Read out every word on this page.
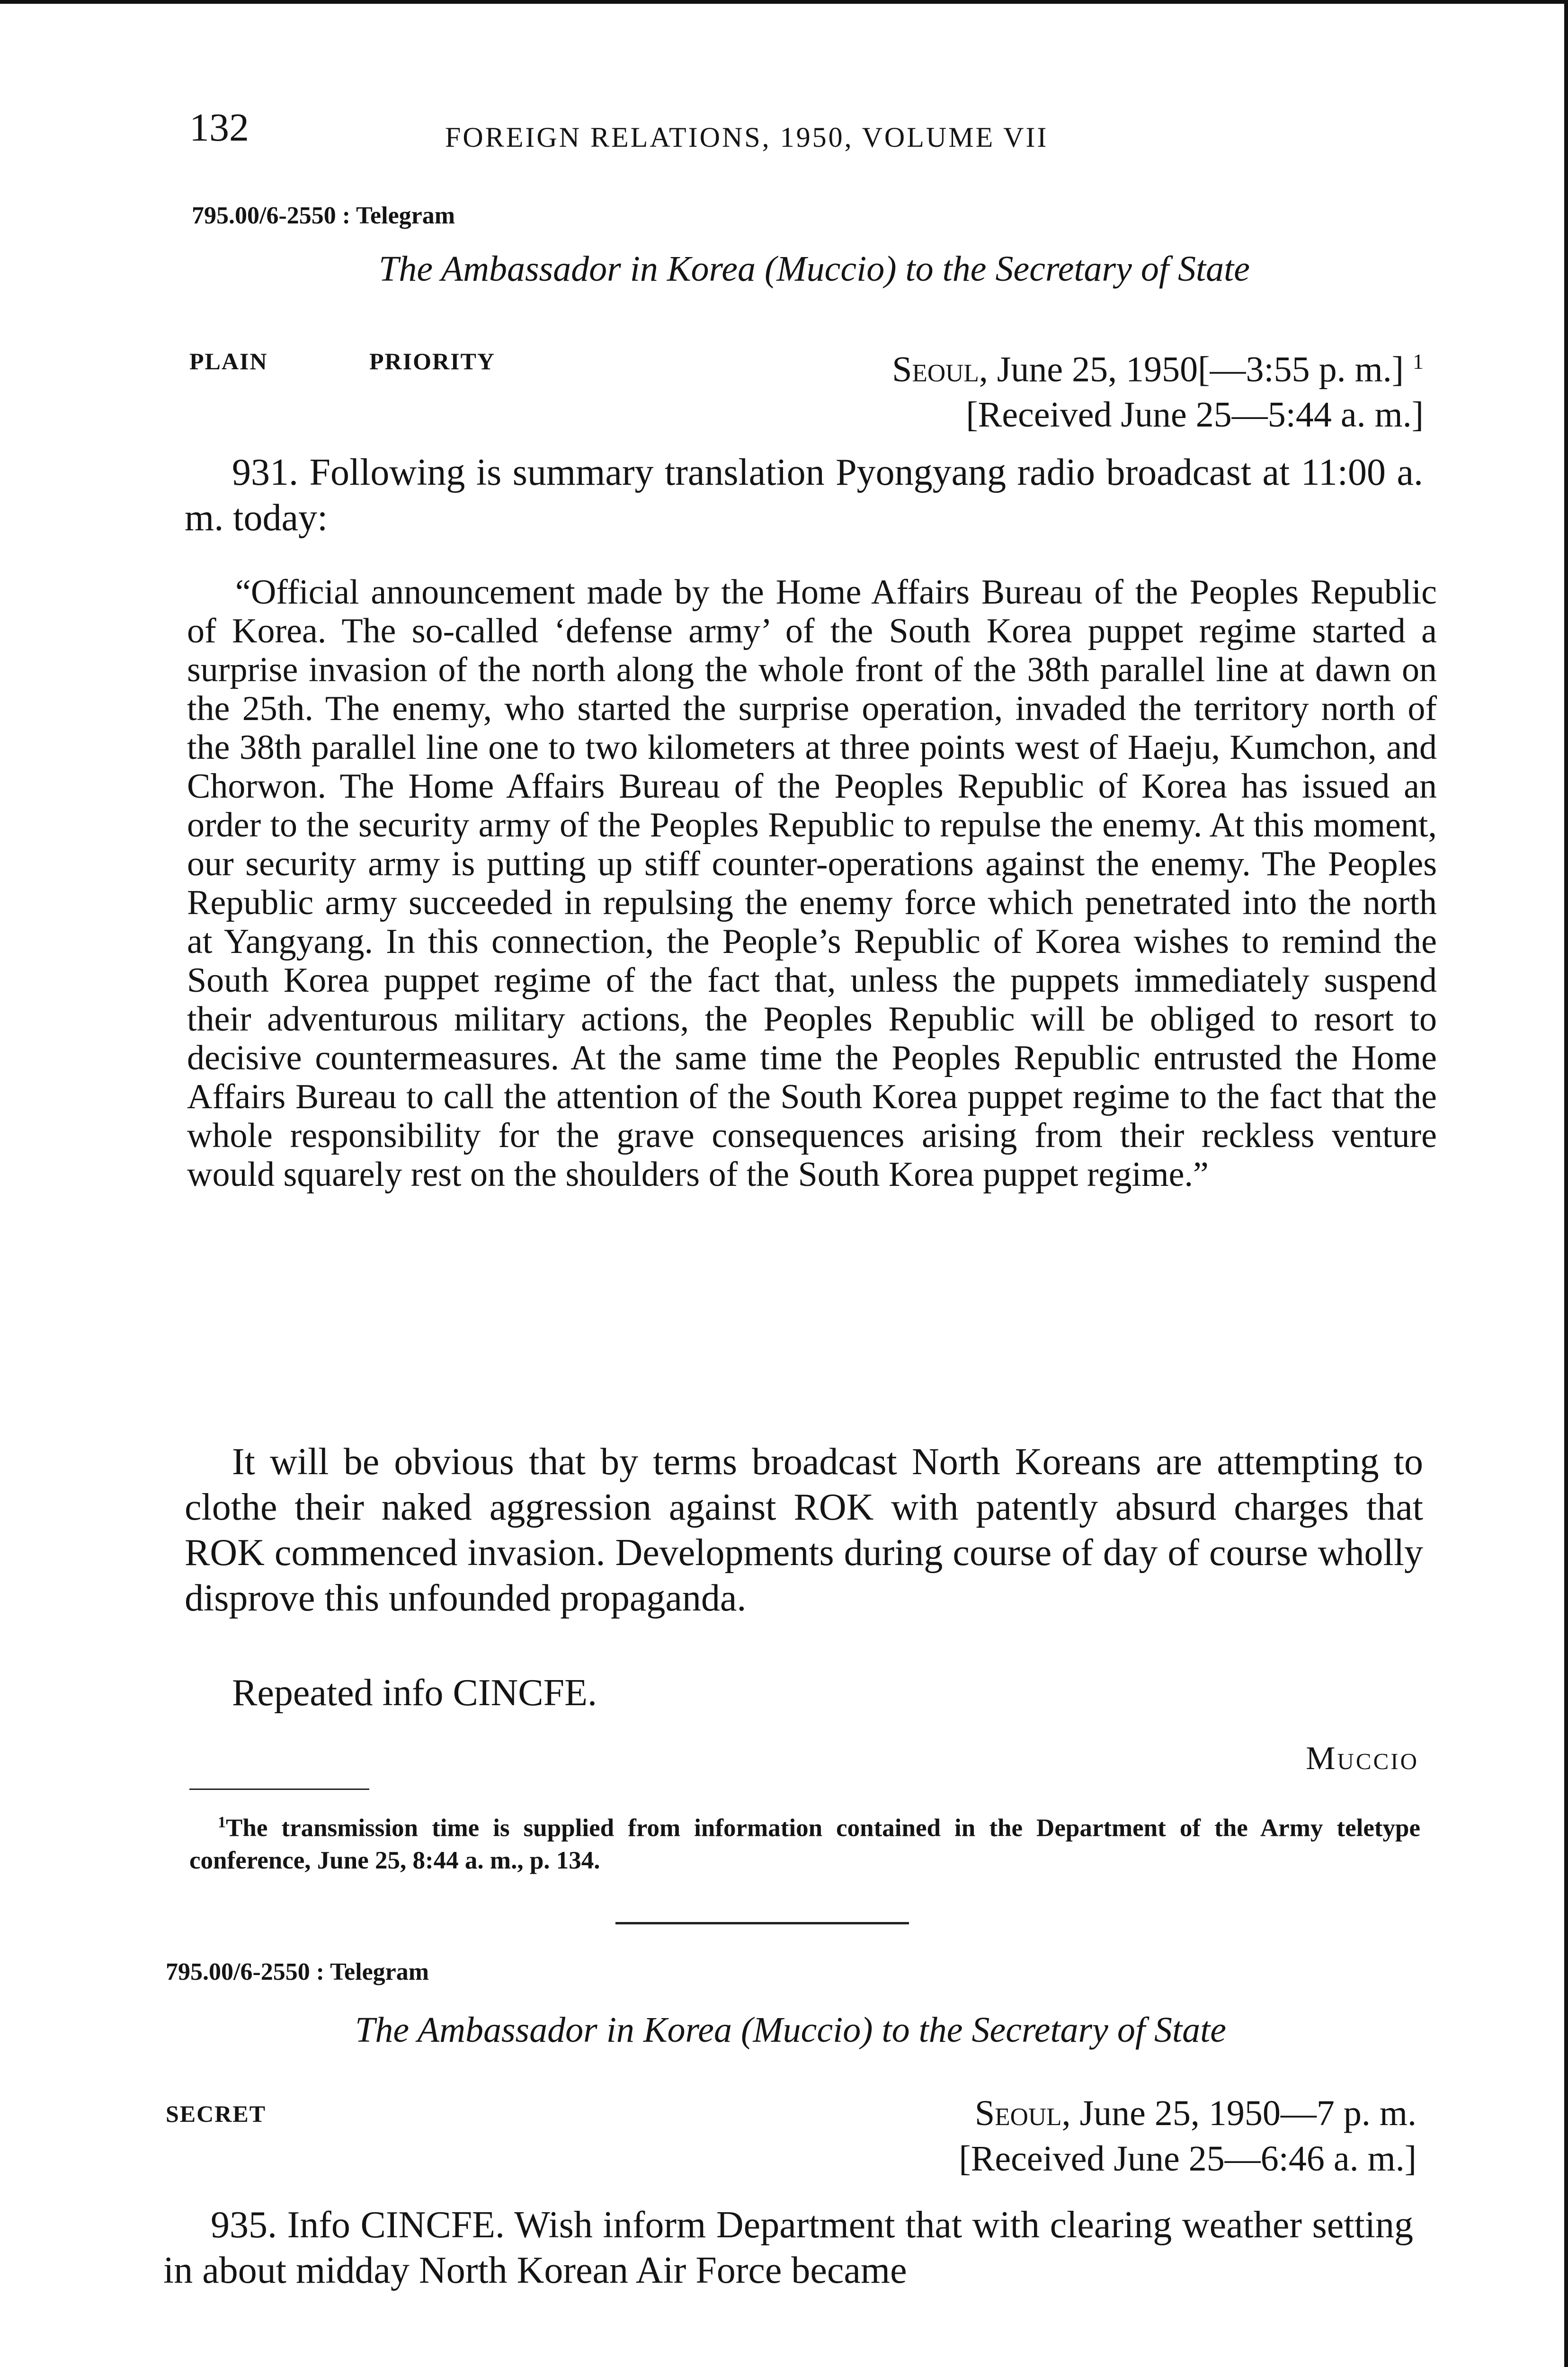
132	FOREIGN RELATIONS, 1950, VOLUME VII
795.00/6-2550 : Telegram
The Ambassador in Korea (Muccio) to the Secretary of State
PLAIN	PRIORITY	Seoul, June 25, 1950[—3:55 p. m.] $^1$
[Received June 25—5:44 a. m.]
931. Following is summary translation Pyongyang radio broadcast at 11:00 a. m. today:
“Official announcement made by the Home Affairs Bureau of the Peoples Republic of Korea. The so-called ‘defense army’ of the South Korea puppet regime started a surprise invasion of the north along the whole front of the 38th parallel line at dawn on the 25th. The enemy, who started the surprise operation, invaded the territory north of the 38th parallel line one to two kilometers at three points west of Haeju, Kumchon, and Chorwon. The Home Affairs Bureau of the Peoples Republic of Korea has issued an order to the security army of the Peoples Republic to repulse the enemy. At this moment, our security army is putting up stiff counter-operations against the enemy. The Peoples Republic army succeeded in repulsing the enemy force which penetrated into the north at Yangyang. In this connection, the People’s Republic of Korea wishes to remind the South Korea puppet regime of the fact that, unless the puppets immediately suspend their adventurous military actions, the Peoples Republic will be obliged to resort to decisive countermeasures. At the same time the Peoples Republic entrusted the Home Affairs Bureau to call the attention of the South Korea puppet regime to the fact that the whole responsibility for the grave consequences arising from their reckless venture would squarely rest on the shoulders of the South Korea puppet regime.”
It will be obvious that by terms broadcast North Koreans are attempting to clothe their naked aggression against ROK with patently absurd charges that ROK commenced invasion. Developments during course of day of course wholly disprove this unfounded propaganda.
Repeated info CINCFE.
Muccio
$^1$The transmission time is supplied from information contained in the Department of the Army teletype conference, June 25, 8:44 a. m., p. 134.
795.00/6-2550 : Telegram
The Ambassador in Korea (Muccio) to the Secretary of State
SECRET	Seoul, June 25, 1950—7 p. m.
[Received June 25—6:46 a. m.]
935. Info CINCFE. Wish inform Department that with clearing weather setting in about midday North Korean Air Force became
